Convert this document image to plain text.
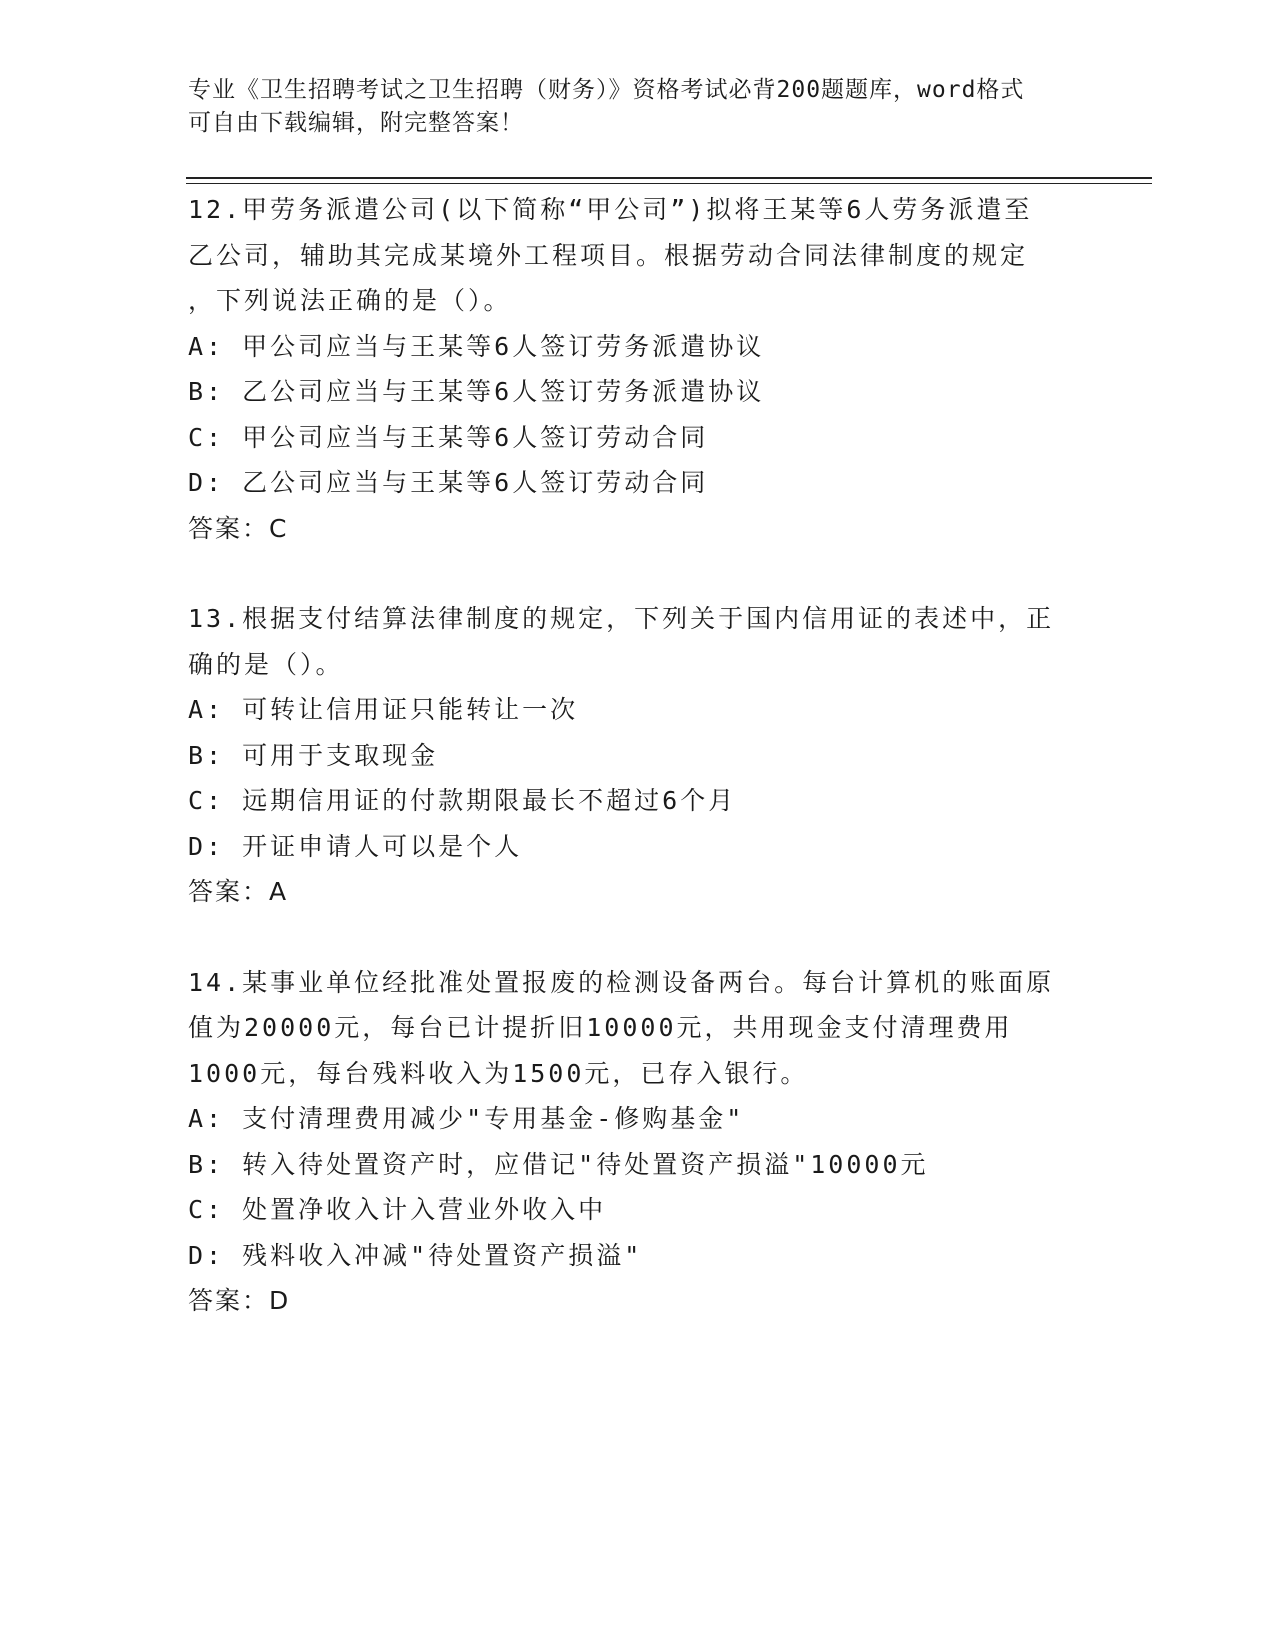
专业《卫生招聘考试之卫生招聘（财务）》资格考试必背200题题库，word格式
可自由下载编辑，附完整答案！
12.甲劳务派遣公司(以下简称“甲公司”)拟将王某等6人劳务派遣至
乙公司，辅助其完成某境外工程项目。根据劳动合同法律制度的规定
，下列说法正确的是（）。
A: 甲公司应当与王某等6人签订劳务派遣协议
B: 乙公司应当与王某等6人签订劳务派遣协议
C: 甲公司应当与王某等6人签订劳动合同
D: 乙公司应当与王某等6人签订劳动合同
答案：C
13.根据支付结算法律制度的规定，下列关于国内信用证的表述中，正
确的是（）。
A: 可转让信用证只能转让一次
B: 可用于支取现金
C: 远期信用证的付款期限最长不超过6个月
D: 开证申请人可以是个人
答案：A
14.某事业单位经批准处置报废的检测设备两台。每台计算机的账面原
值为20000元，每台已计提折旧10000元，共用现金支付清理费用
1000元，每台残料收入为1500元，已存入银行。
A: 支付清理费用减少"专用基金-修购基金"
B: 转入待处置资产时，应借记"待处置资产损溢"10000元
C: 处置净收入计入营业外收入中
D: 残料收入冲减"待处置资产损溢"
答案：D
